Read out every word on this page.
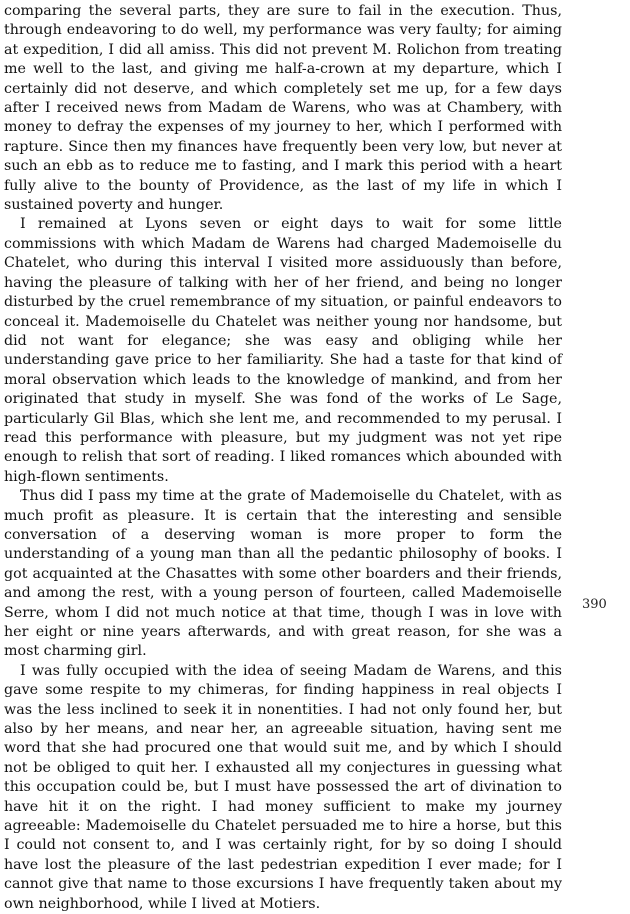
comparing the several parts, they are sure to fail in the execution. Thus, through endeavoring to do well, my performance was very faulty; for aiming at expedition, I did all amiss. This did not prevent M. Rolichon from treating me well to the last, and giving me half-a-crown at my departure, which I certainly did not deserve, and which completely set me up, for a few days after I received news from Madam de Warens, who was at Chambery, with money to defray the expenses of my journey to her, which I performed with rapture. Since then my finances have frequently been very low, but never at such an ebb as to reduce me to fasting, and I mark this period with a heart fully alive to the bounty of Providence, as the last of my life in which I sustained poverty and hunger.

I remained at Lyons seven or eight days to wait for some little commissions with which Madam de Warens had charged Mademoiselle du Chatelet, who during this interval I visited more assiduously than before, having the pleasure of talking with her of her friend, and being no longer disturbed by the cruel remembrance of my situation, or painful endeavors to conceal it. Mademoiselle du Chatelet was neither young nor handsome, but did not want for elegance; she was easy and obliging while her understanding gave price to her familiarity. She had a taste for that kind of moral observation which leads to the knowledge of mankind, and from her originated that study in myself. She was fond of the works of Le Sage, particularly Gil Blas, which she lent me, and recommended to my perusal. I read this performance with pleasure, but my judgment was not yet ripe enough to relish that sort of reading. I liked romances which abounded with high-flown sentiments.

Thus did I pass my time at the grate of Mademoiselle du Chatelet, with as much profit as pleasure. It is certain that the interesting and sensible conversation of a deserving woman is more proper to form the understanding of a young man than all the pedantic philosophy of books. I got acquainted at the Chasattes with some other boarders and their friends, and among the rest, with a young person of fourteen, called Mademoiselle Serre, whom I did not much notice at that time, though I was in love with her eight or nine years afterwards, and with great reason, for she was a most charming girl.

I was fully occupied with the idea of seeing Madam de Warens, and this gave some respite to my chimeras, for finding happiness in real objects I was the less inclined to seek it in nonentities. I had not only found her, but also by her means, and near her, an agreeable situation, having sent me word that she had procured one that would suit me, and by which I should not be obliged to quit her. I exhausted all my conjectures in guessing what this occupation could be, but I must have possessed the art of divination to have hit it on the right. I had money sufficient to make my journey agreeable: Mademoiselle du Chatelet persuaded me to hire a horse, but this I could not consent to, and I was certainly right, for by so doing I should have lost the pleasure of the last pedestrian expedition I ever made; for I cannot give that name to those excursions I have frequently taken about my own neighborhood, while I lived at Motiers.

390
